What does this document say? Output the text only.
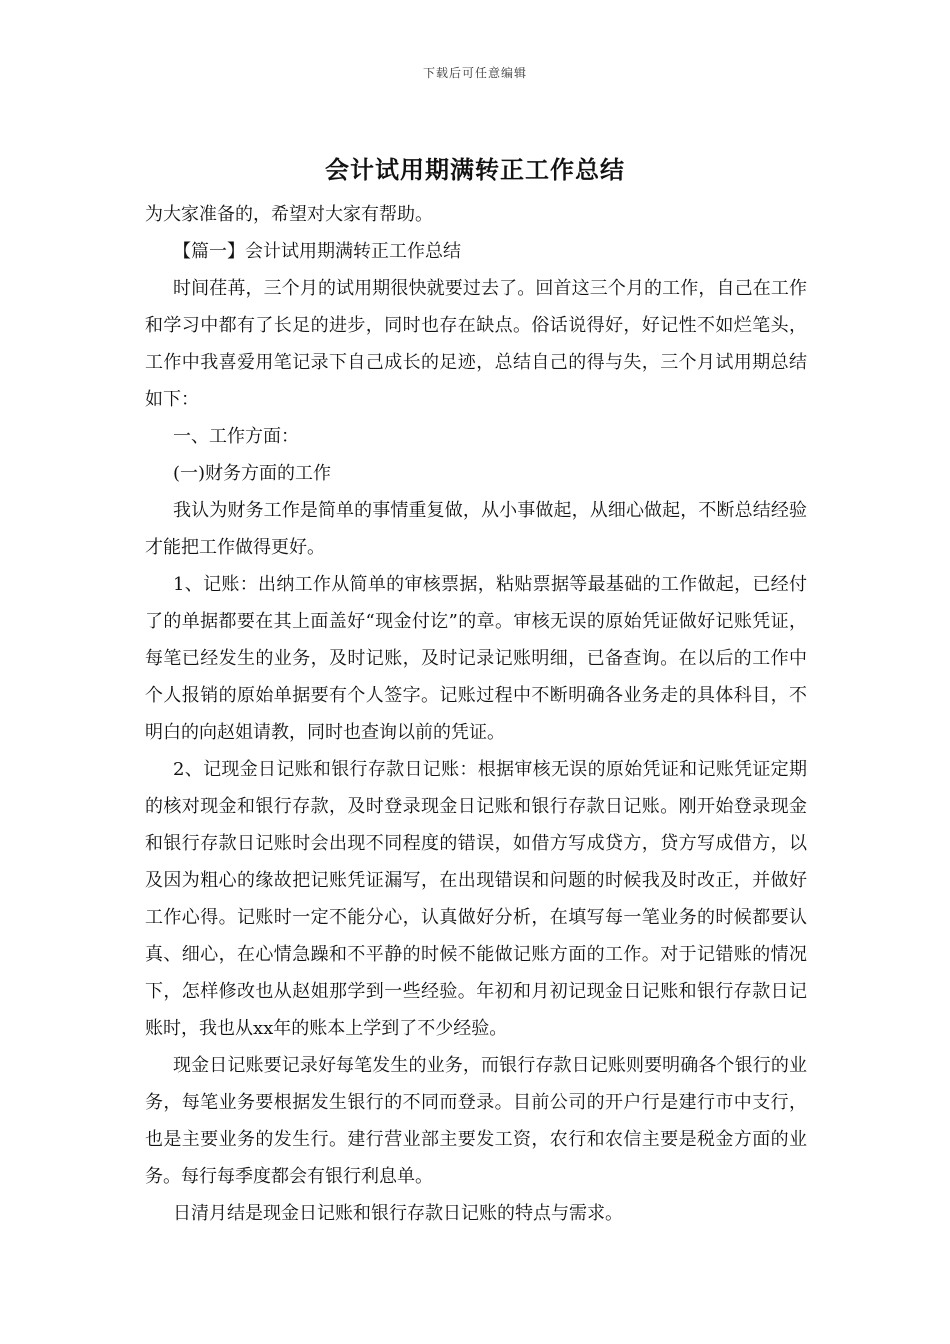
下载后可任意编辑
会计试用期满转正工作总结

为大家准备的，希望对大家有帮助。

【篇一】会计试用期满转正工作总结

时间荏苒，三个月的试用期很快就要过去了。回首这三个月的工作，自己在工作和学习中都有了长足的进步，同时也存在缺点。俗话说得好，好记性不如烂笔头，工作中我喜爱用笔记录下自己成长的足迹，总结自己的得与失，三个月试用期总结如下：

一、工作方面：

(一)财务方面的工作

我认为财务工作是简单的事情重复做，从小事做起，从细心做起，不断总结经验才能把工作做得更好。

1、记账：出纳工作从简单的审核票据，粘贴票据等最基础的工作做起，已经付了的单据都要在其上面盖好“现金付讫”的章。审核无误的原始凭证做好记账凭证，每笔已经发生的业务，及时记账，及时记录记账明细，已备查询。在以后的工作中个人报销的原始单据要有个人签字。记账过程中不断明确各业务走的具体科目，不明白的向赵姐请教，同时也查询以前的凭证。

2、记现金日记账和银行存款日记账：根据审核无误的原始凭证和记账凭证定期的核对现金和银行存款，及时登录现金日记账和银行存款日记账。刚开始登录现金和银行存款日记账时会出现不同程度的错误，如借方写成贷方，贷方写成借方，以及因为粗心的缘故把记账凭证漏写，在出现错误和问题的时候我及时改正，并做好工作心得。记账时一定不能分心，认真做好分析，在填写每一笔业务的时候都要认真、细心，在心情急躁和不平静的时候不能做记账方面的工作。对于记错账的情况下，怎样修改也从赵姐那学到一些经验。年初和月初记现金日记账和银行存款日记账时，我也从xx年的账本上学到了不少经验。

现金日记账要记录好每笔发生的业务，而银行存款日记账则要明确各个银行的业务，每笔业务要根据发生银行的不同而登录。目前公司的开户行是建行市中支行，也是主要业务的发生行。建行营业部主要发工资，农行和农信主要是税金方面的业务。每行每季度都会有银行利息单。

日清月结是现金日记账和银行存款日记账的特点与需求。
